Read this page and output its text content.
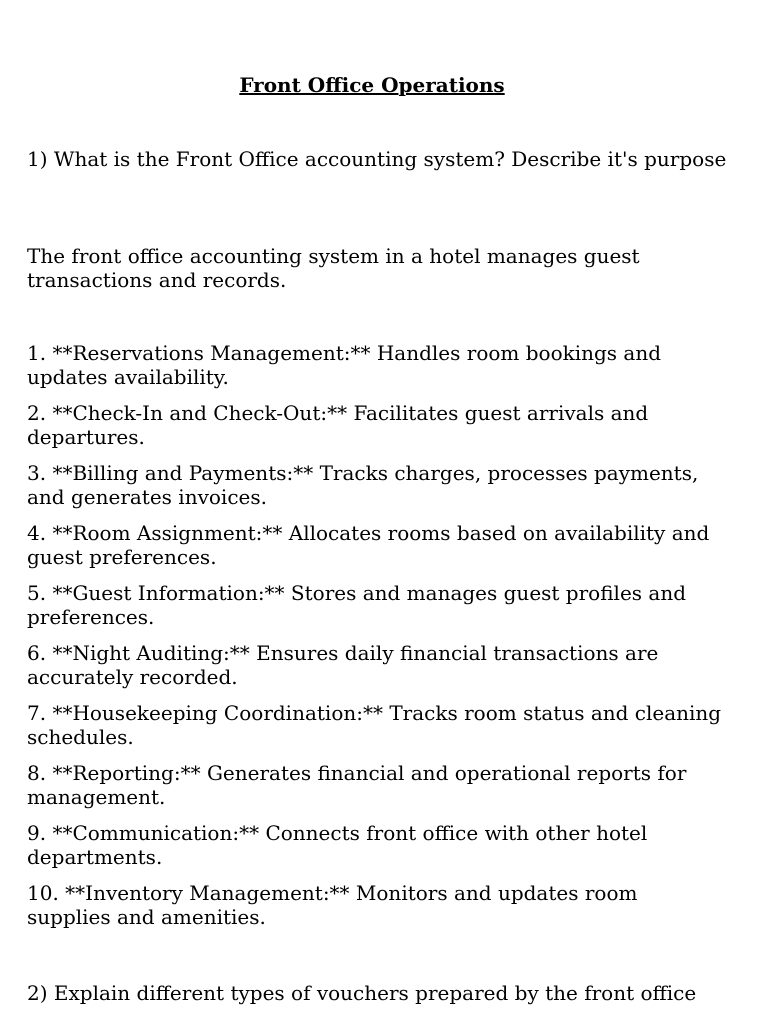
Front Office Operations
1) What is the Front Office accounting system? Describe it's purpose
The front office accounting system in a hotel manages guest transactions and records.
1. **Reservations Management:** Handles room bookings and updates availability.
2. **Check-In and Check-Out:** Facilitates guest arrivals and departures.
3. **Billing and Payments:** Tracks charges, processes payments, and generates invoices.
4. **Room Assignment:** Allocates rooms based on availability and guest preferences.
5. **Guest Information:** Stores and manages guest profiles and preferences.
6. **Night Auditing:** Ensures daily financial transactions are accurately recorded.
7. **Housekeeping Coordination:** Tracks room status and cleaning schedules.
8. **Reporting:** Generates financial and operational reports for management.
9. **Communication:** Connects front office with other hotel departments.
10. **Inventory Management:** Monitors and updates room supplies and amenities.
2) Explain different types of vouchers prepared by the front office
